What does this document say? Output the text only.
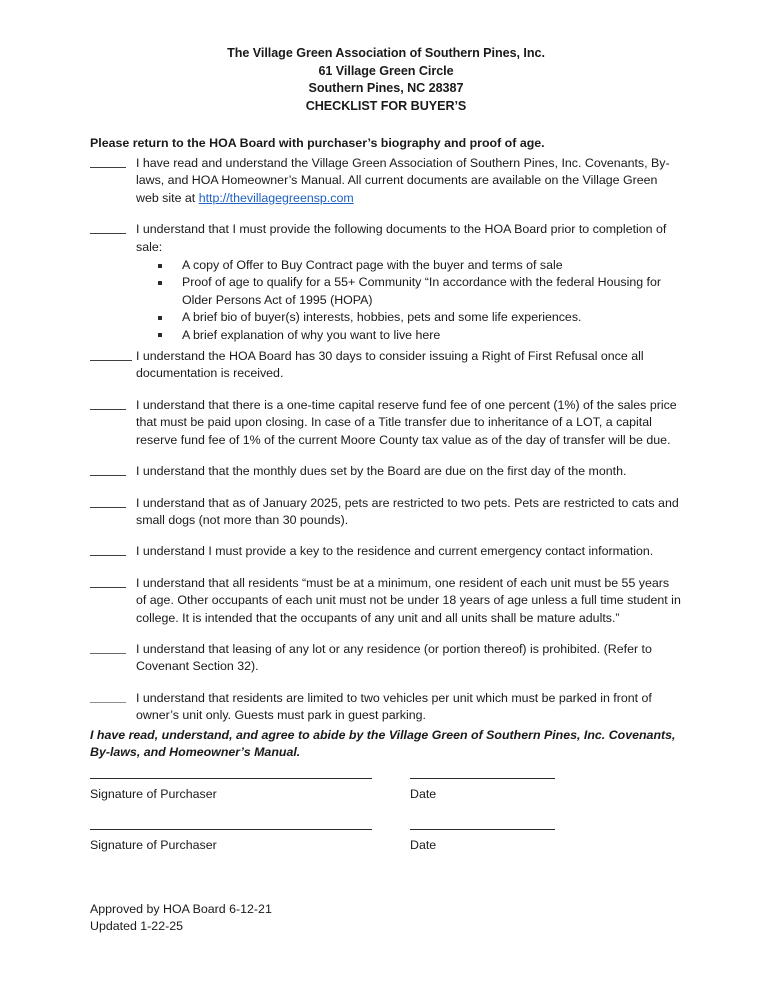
The Village Green Association of Southern Pines, Inc.
61 Village Green Circle
Southern Pines, NC 28387
CHECKLIST FOR BUYER’S
Please return to the HOA Board with purchaser’s biography and proof of age.
I have read and understand the Village Green Association of Southern Pines, Inc. Covenants, By-laws, and HOA Homeowner’s Manual. All current documents are available on the Village Green web site at http://thevillagegreensp.com
I understand that I must provide the following documents to the HOA Board prior to completion of sale:
A copy of Offer to Buy Contract page with the buyer and terms of sale
Proof of age to qualify for a 55+ Community “In accordance with the federal Housing for Older Persons Act of 1995 (HOPA)
A brief bio of buyer(s) interests, hobbies, pets and some life experiences.
A brief explanation of why you want to live here
I understand the HOA Board has 30 days to consider issuing a Right of First Refusal once all documentation is received.
I understand that there is a one-time capital reserve fund fee of one percent (1%) of the sales price that must be paid upon closing. In case of a Title transfer due to inheritance of a LOT, a capital reserve fund fee of 1% of the current Moore County tax value as of the day of transfer will be due.
I understand that the monthly dues set by the Board are due on the first day of the month.
I understand that as of January 2025, pets are restricted to two pets. Pets are restricted to cats and small dogs (not more than 30 pounds).
I understand I must provide a key to the residence and current emergency contact information.
I understand that all residents “must be at a minimum, one resident of each unit must be 55 years of age. Other occupants of each unit must not be under 18 years of age unless a full time student in college. It is intended that the occupants of any unit and all units shall be mature adults.”
I understand that leasing of any lot or any residence (or portion thereof) is prohibited. (Refer to Covenant Section 32).
I understand that residents are limited to two vehicles per unit which must be parked in front of owner’s unit only. Guests must park in guest parking.
I have read, understand, and agree to abide by the Village Green of Southern Pines, Inc. Covenants, By-laws, and Homeowner’s Manual.
Signature of Purchaser	Date
Signature of Purchaser	Date
Approved by HOA Board 6-12-21
Updated 1-22-25
